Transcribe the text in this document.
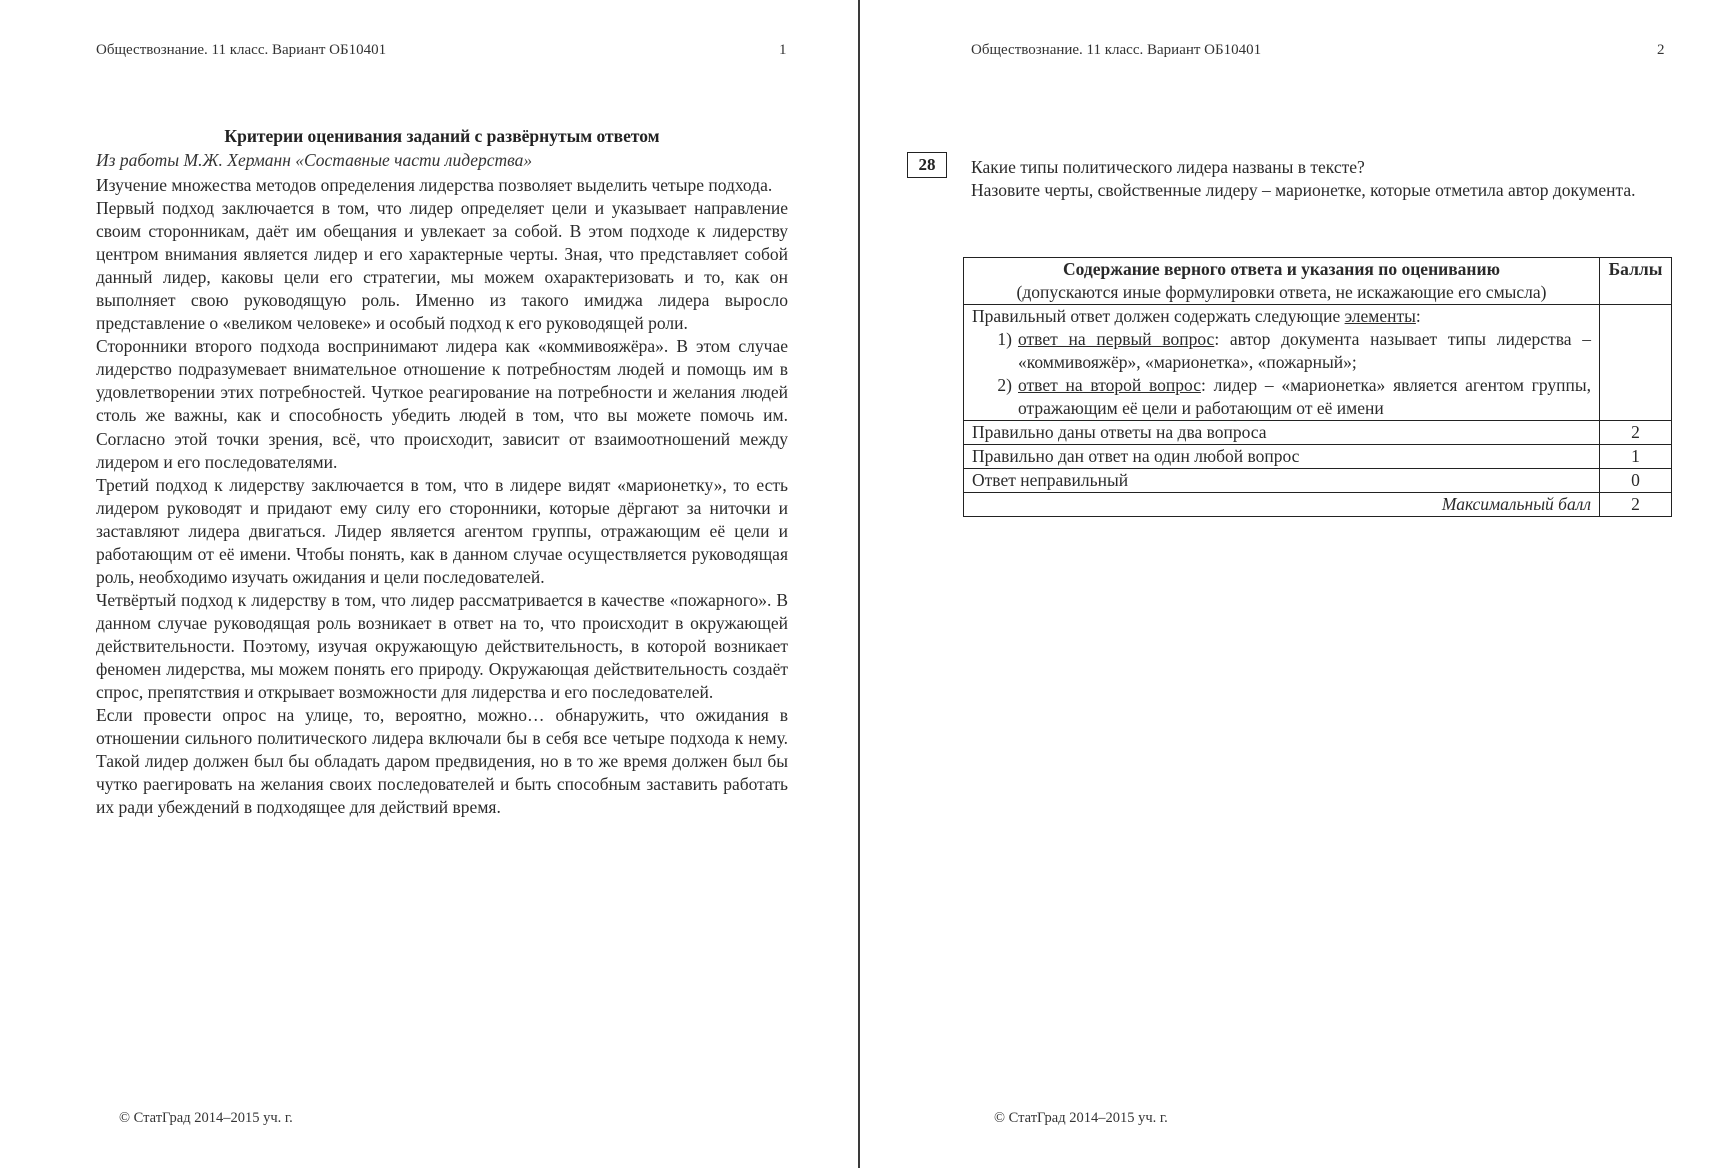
Обществознание. 11 класс. Вариант ОБ10401	1
Критерии оценивания заданий с развёрнутым ответом
Из работы М.Ж. Херманн «Составные части лидерства»

Изучение множества методов определения лидерства позволяет выделить четыре подхода.

Первый подход заключается в том, что лидер определяет цели и указывает направление своим сторонникам, даёт им обещания и увлекает за собой. В этом подходе к лидерству центром внимания является лидер и его характерные черты. Зная, что представляет собой данный лидер, каковы цели его стратегии, мы можем охарактеризовать и то, как он выполняет свою руководящую роль. Именно из такого имиджа лидера выросло представление о «великом человеке» и особый подход к его руководящей роли.

Сторонники второго подхода воспринимают лидера как «коммивояжёра». В этом случае лидерство подразумевает внимательное отношение к потребностям людей и помощь им в удовлетворении этих потребностей. Чуткое реагирование на потребности и желания людей столь же важны, как и способность убедить людей в том, что вы можете помочь им. Согласно этой точки зрения, всё, что происходит, зависит от взаимоотношений между лидером и его последователями.

Третий подход к лидерству заключается в том, что в лидере видят «марионетку», то есть лидером руководят и придают ему силу его сторонники, которые дёргают за ниточки и заставляют лидера двигаться. Лидер является агентом группы, отражающим её цели и работающим от её имени. Чтобы понять, как в данном случае осуществляется руководящая роль, необходимо изучать ожидания и цели последователей.

Четвёртый подход к лидерству в том, что лидер рассматривается в качестве «пожарного». В данном случае руководящая роль возникает в ответ на то, что происходит в окружающей действительности. Поэтому, изучая окружающую действительность, в которой возникает феномен лидерства, мы можем понять его природу. Окружающая действительность создаёт спрос, препятствия и открывает возможности для лидерства и его последователей.

Если провести опрос на улице, то, вероятно, можно… обнаружить, что ожидания в отношении сильного политического лидера включали бы в себя все четыре подхода к нему. Такой лидер должен был бы обладать даром предвидения, но в то же время должен был бы чутко раегировать на желания своих последователей и быть способным заставить работать их ради убеждений в подходящее для действий время.

© СтатГрад 2014–2015 уч. г.
Обществознание. 11 класс. Вариант ОБ10401	2
28	Какие типы политического лидера названы в тексте?
Назовите черты, свойственные лидеру – марионетке, которые отметила автор документа.
Содержание верного ответа и указания по оцениванию
(допускаются иные формулировки ответа, не искажающие его смысла)	Баллы

Правильный ответ должен содержать следующие элементы:
1) ответ на первый вопрос: автор документа называет типы лидерства – «коммивояжёр», «марионетка», «пожарный»;
2) ответ на второй вопрос: лидер – «марионетка» является агентом группы, отражающим её цели и работающим от её имени	

Правильно даны ответы на два вопроса	2
Правильно дан ответ на один любой вопрос	1
Ответ неправильный	0
Максимальный балл	2
© СтатГрад 2014–2015 уч. г.
